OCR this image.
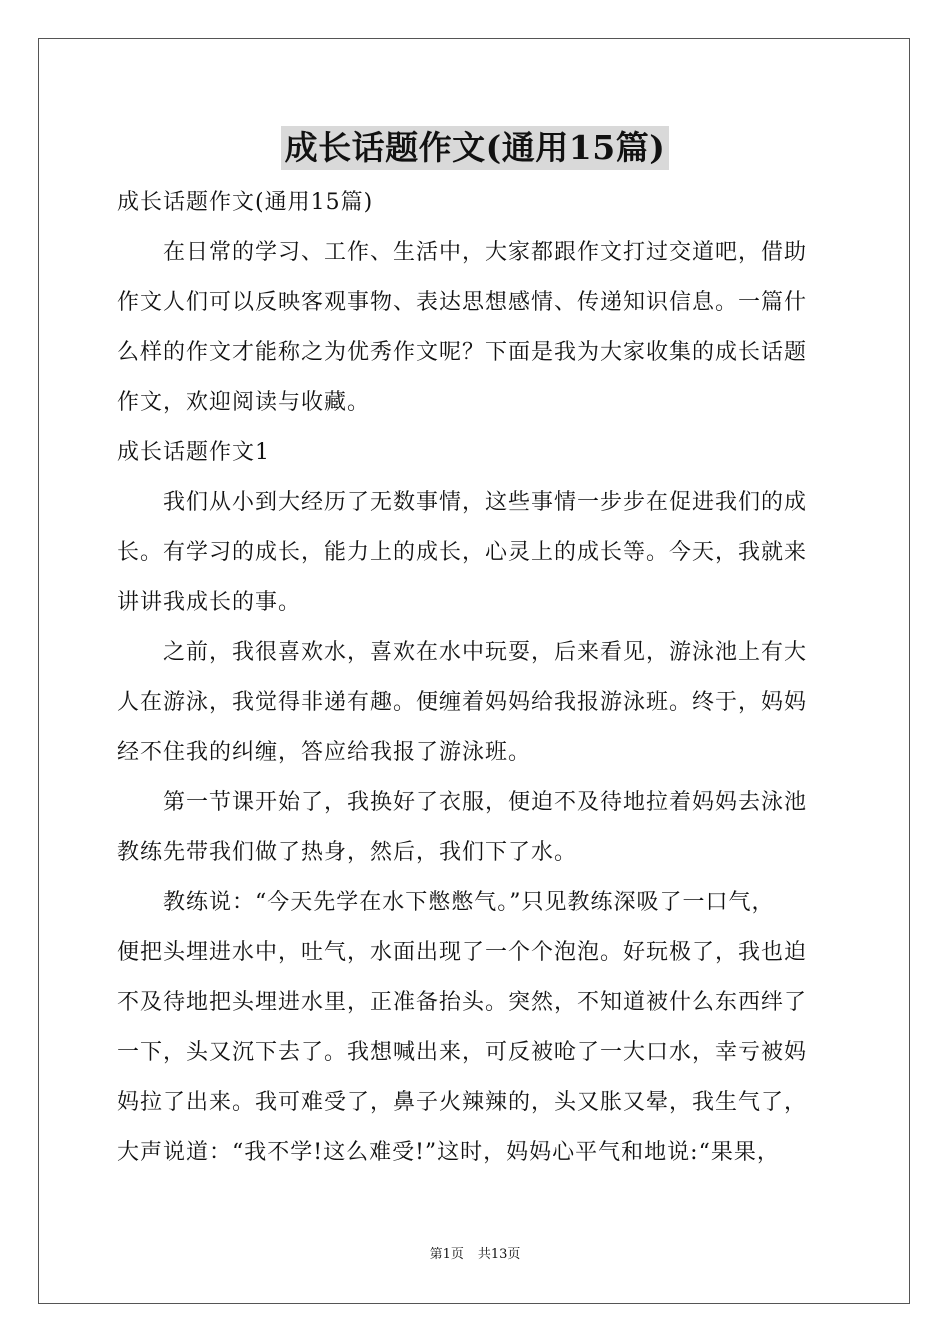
成长话题作文(通用15篇)
成长话题作文(通用15篇)
在日常的学习、工作、生活中，大家都跟作文打过交道吧，借助
作文人们可以反映客观事物、表达思想感情、传递知识信息。一篇什
么样的作文才能称之为优秀作文呢？下面是我为大家收集的成长话题
作文，欢迎阅读与收藏。
成长话题作文1
我们从小到大经历了无数事情，这些事情一步步在促进我们的成
长。有学习的成长，能力上的成长，心灵上的成长等。今天，我就来
讲讲我成长的事。
之前，我很喜欢水，喜欢在水中玩耍，后来看见，游泳池上有大
人在游泳，我觉得非递有趣。便缠着妈妈给我报游泳班。终于，妈妈
经不住我的纠缠，答应给我报了游泳班。
第一节课开始了，我换好了衣服，便迫不及待地拉着妈妈去泳池
教练先带我们做了热身，然后，我们下了水。
教练说：“今天先学在水下憋憋气。”只见教练深吸了一口气，
便把头埋进水中，吐气，水面出现了一个个泡泡。好玩极了，我也迫
不及待地把头埋进水里，正准备抬头。突然，不知道被什么东西绊了
一下，头又沉下去了。我想喊出来，可反被呛了一大口水，幸亏被妈
妈拉了出来。我可难受了，鼻子火辣辣的，头又胀又晕，我生气了，
大声说道：“我不学!这么难受!”这时，妈妈心平气和地说:“果果，
第1页 共13页
